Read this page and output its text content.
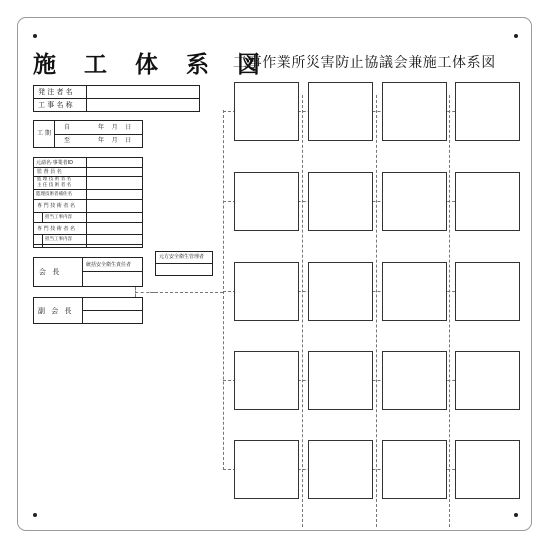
施 工 体 系 図
工事作業所災害防止協議会兼施工体系図
発 注 者 名
工 事 名 称
工 期
自
至
年    月    日
年    月    日
元請名·事業者ID
監 督 員 名
監 理 技 術 者 名
主 任 技 術 者 名
監理技術者補佐名
専 門 技 術 者 名
担当工事内容
専 門 技 術 者 名
担当工事内容
会 長
統括安全衛生責任者
副 会 長
元方安全衛生管理者
